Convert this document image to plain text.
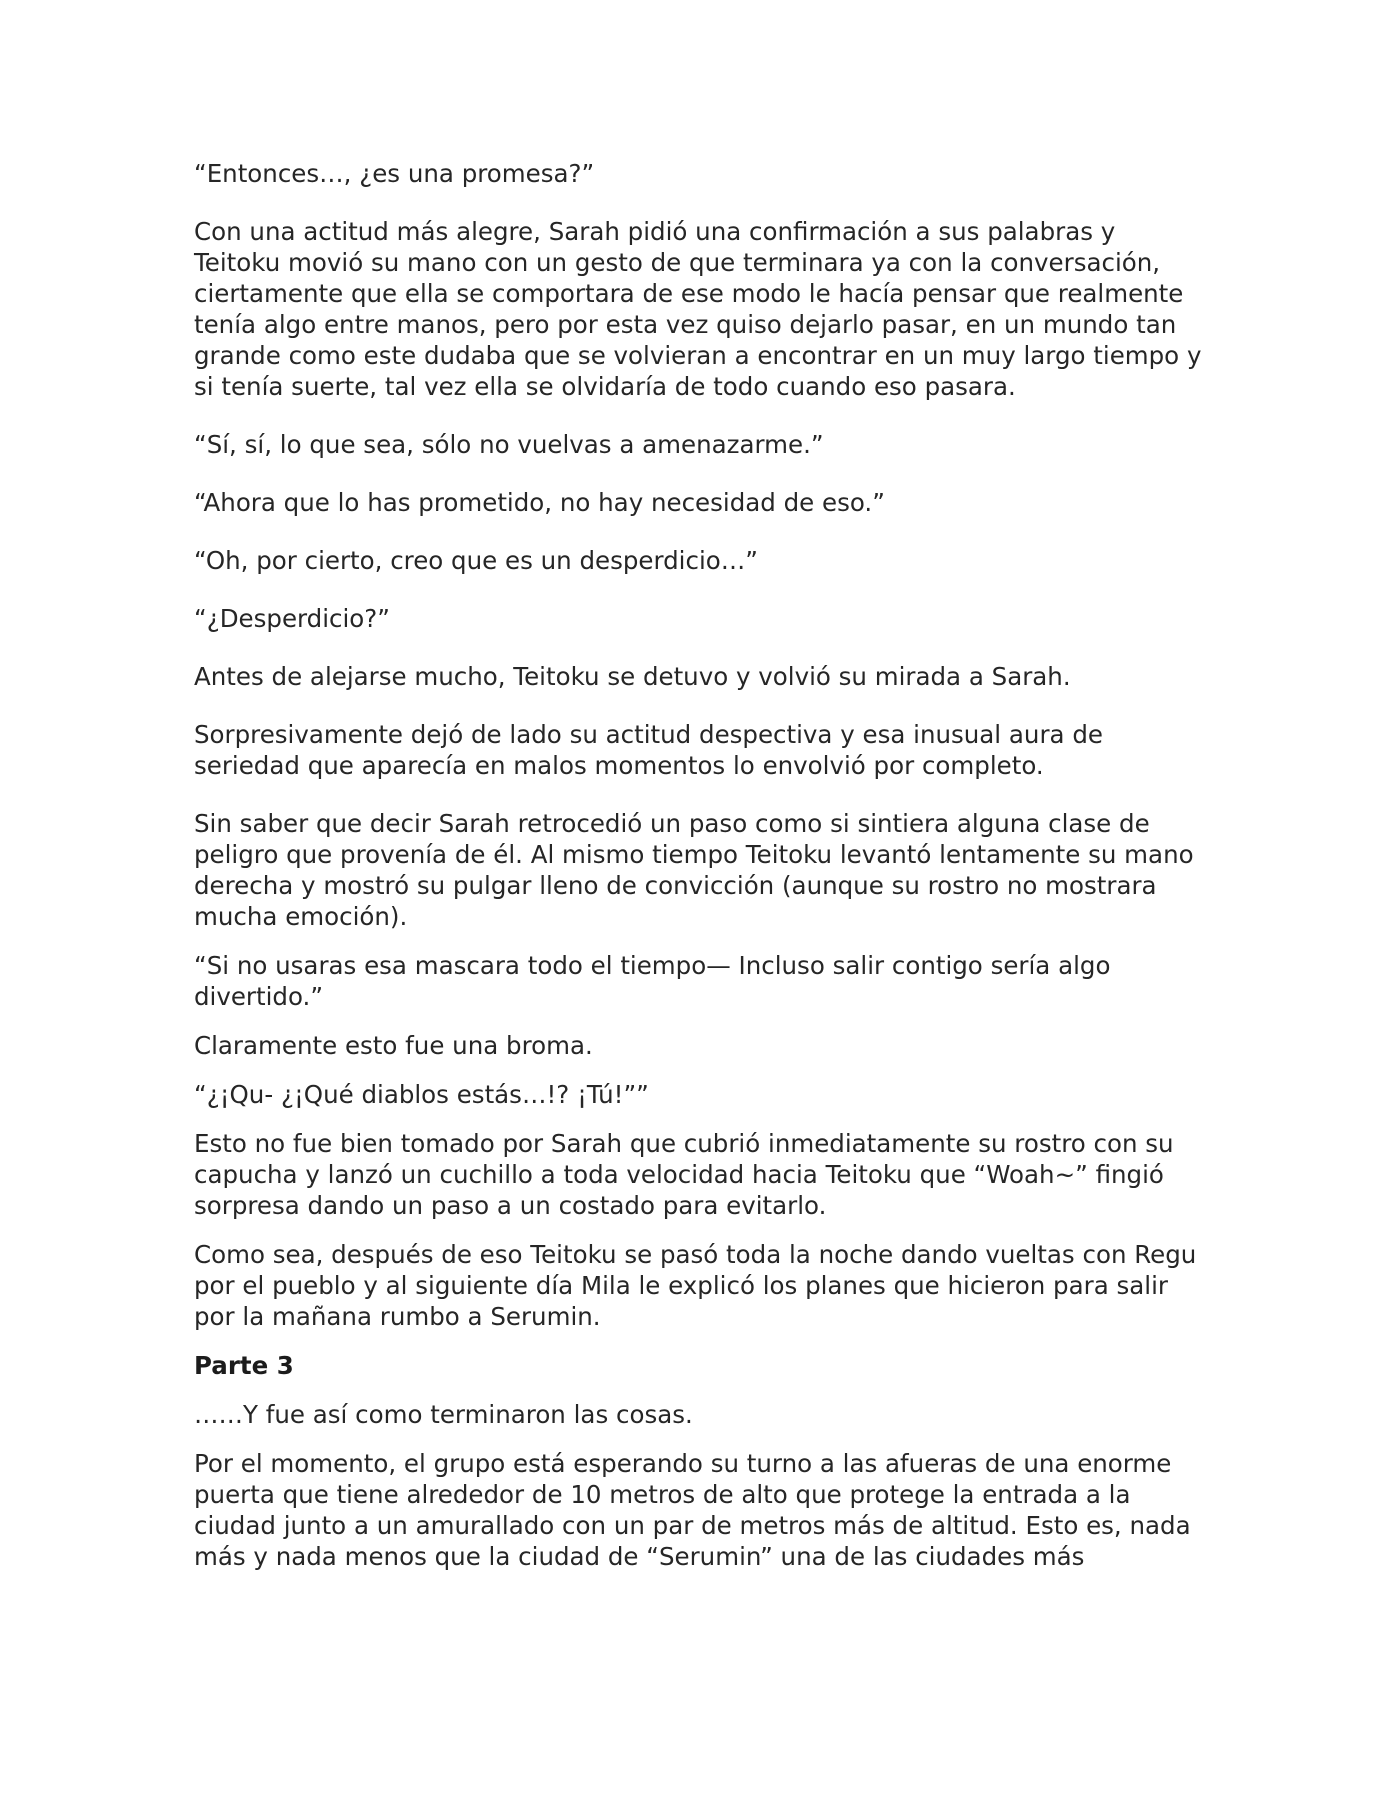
“Entonces…, ¿es una promesa?”

Con una actitud más alegre, Sarah pidió una confirmación a sus palabras y Teitoku movió su mano con un gesto de que terminara ya con la conversación, ciertamente que ella se comportara de ese modo le hacía pensar que realmente tenía algo entre manos, pero por esta vez quiso dejarlo pasar, en un mundo tan grande como este dudaba que se volvieran a encontrar en un muy largo tiempo y si tenía suerte, tal vez ella se olvidaría de todo cuando eso pasara.

“Sí, sí, lo que sea, sólo no vuelvas a amenazarme.”

“Ahora que lo has prometido, no hay necesidad de eso.”

“Oh, por cierto, creo que es un desperdicio…”

“¿Desperdicio?”

Antes de alejarse mucho, Teitoku se detuvo y volvió su mirada a Sarah.

Sorpresivamente dejó de lado su actitud despectiva y esa inusual aura de seriedad que aparecía en malos momentos lo envolvió por completo.

Sin saber que decir Sarah retrocedió un paso como si sintiera alguna clase de peligro que provenía de él. Al mismo tiempo Teitoku levantó lentamente su mano derecha y mostró su pulgar lleno de convicción (aunque su rostro no mostrara mucha emoción).

“Si no usaras esa mascara todo el tiempo— Incluso salir contigo sería algo divertido.”

Claramente esto fue una broma.

“¿¡Qu- ¿¡Qué diablos estás…!? ¡Tú!””

Esto no fue bien tomado por Sarah que cubrió inmediatamente su rostro con su capucha y lanzó un cuchillo a toda velocidad hacia Teitoku que “Woah~” fingió sorpresa dando un paso a un costado para evitarlo.

Como sea, después de eso Teitoku se pasó toda la noche dando vueltas con Regu por el pueblo y al siguiente día Mila le explicó los planes que hicieron para salir por la mañana rumbo a Serumin.

Parte 3

……Y fue así como terminaron las cosas.

Por el momento, el grupo está esperando su turno a las afueras de una enorme puerta que tiene alrededor de 10 metros de alto que protege la entrada a la ciudad junto a un amurallado con un par de metros más de altitud. Esto es, nada más y nada menos que la ciudad de “Serumin” una de las ciudades más
